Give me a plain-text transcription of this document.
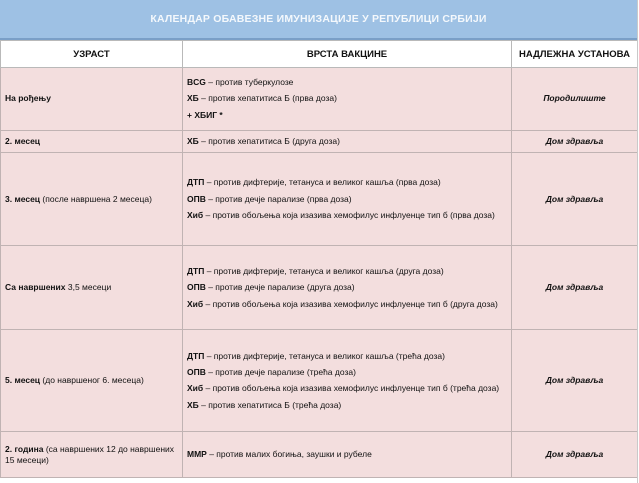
КАЛЕНДАР ОБАВЕЗНЕ ИМУНИЗАЦИЈЕ У РЕПУБЛИЦИ СРБИЈИ
УЗРАСТ	ВРСТА ВАКЦИНЕ	НАДЛЕЖНА УСТАНОВА
На рођењу	BCG – против туберкулозе
ХБ – против хепатитиса Б (прва доза)
+ ХБИГ *	Породилиште
2. месец	ХБ – против хепатитиса Б (друга доза)	Дом здравља
3. месец (после навршена 2 месеца)	ДТП – против дифтерије, тетануса и великог кашља (прва доза)
ОПВ – против дечје парализе (прва доза)
Хиб – против обољења која изазива хемофилус инфлуенце тип б (прва доза)	Дом здравља
Са навршених 3,5 месеци	ДТП – против дифтерије, тетануса и великог кашља (друга доза)
ОПВ – против дечје парализе (друга доза)
Хиб – против обољења која изазива хемофилус инфлуенце тип б (друга доза)	Дом здравља
5. месец (до навршеног 6. месеца)	ДТП – против дифтерије, тетануса и великог кашља (трећа доза)
ОПВ – против дечје парализе (трећа доза)
Хиб – против обољења која изазива хемофилус инфлуенце тип б (трећа доза)
ХБ – против хепатитиса Б (трећа доза)	Дом здравља
2. година (са навршених 12 до навршених 15 месеци)	ММР – против малих богиња, заушки и рубеле	Дом здравља
